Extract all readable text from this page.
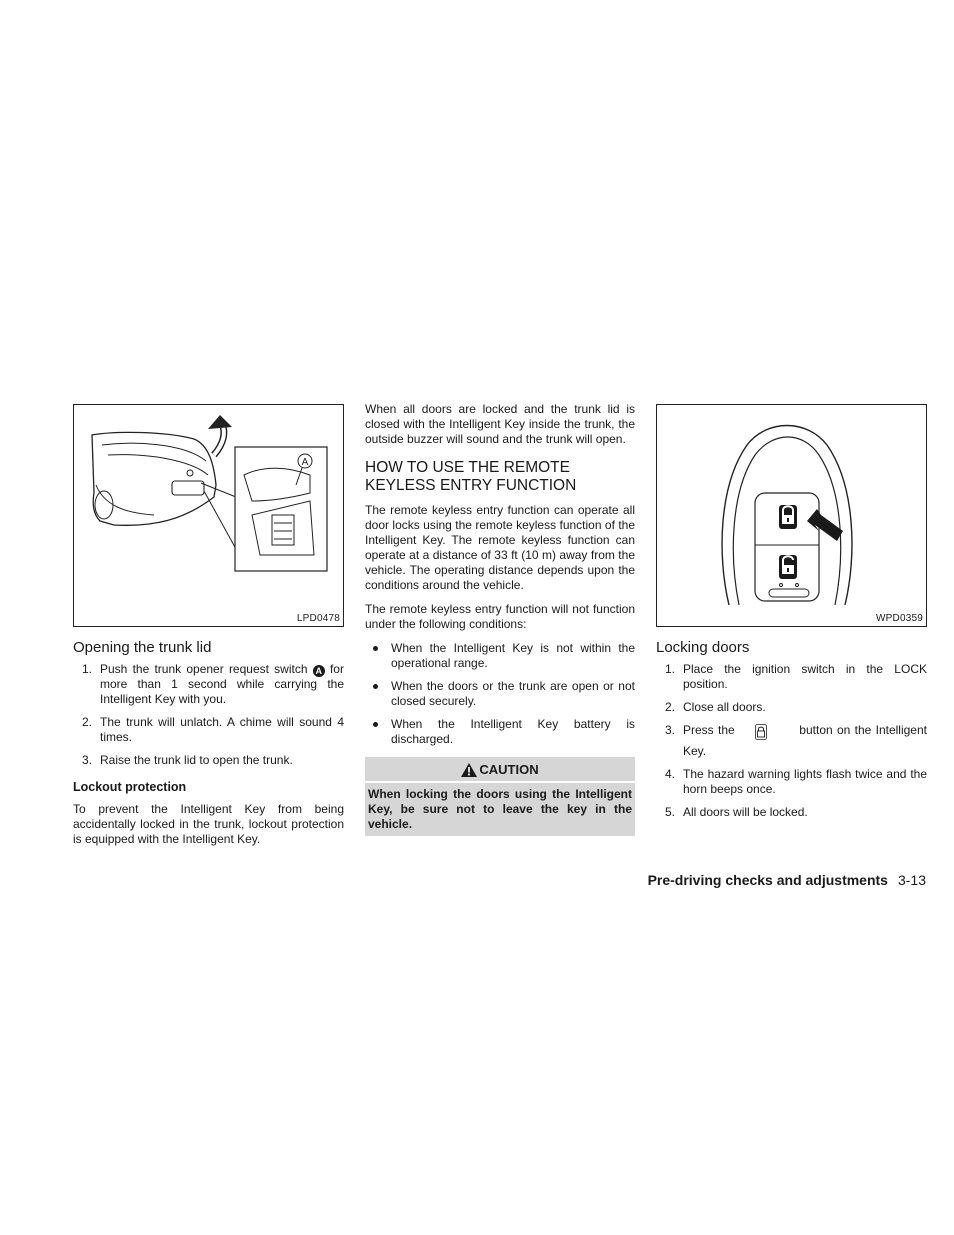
A
LPD0478
Opening the trunk lid
1. Push the trunk opener request switch A for more than 1 second while carrying the Intelligent Key with you.
2. The trunk will unlatch. A chime will sound 4 times.
3. Raise the trunk lid to open the trunk.
Lockout protection

To prevent the Intelligent Key from being accidentally locked in the trunk, lockout protection is equipped with the Intelligent Key.

When all doors are locked and the trunk lid is closed with the Intelligent Key inside the trunk, the outside buzzer will sound and the trunk will open.

HOW TO USE THE REMOTE KEYLESS ENTRY FUNCTION

The remote keyless entry function can operate all door locks using the remote keyless function of the Intelligent Key. The remote keyless function can operate at a distance of 33 ft (10 m) away from the vehicle. The operating distance depends upon the conditions around the vehicle.

The remote keyless entry function will not function under the following conditions:

When the Intelligent Key is not within the operational range.
When the doors or the trunk are open or not closed securely.
When the Intelligent Key battery is discharged.
CAUTION
When locking the doors using the Intelligent Key, be sure not to leave the key in the vehicle.
WPD0359
Locking doors
1. Place the ignition switch in the LOCK position.
2. Close all doors.
3. Press the	button on the Intelligent Key.
4. The hazard warning lights flash twice and the horn beeps once.
5. All doors will be locked.
Pre-driving checks and adjustments 3-13
